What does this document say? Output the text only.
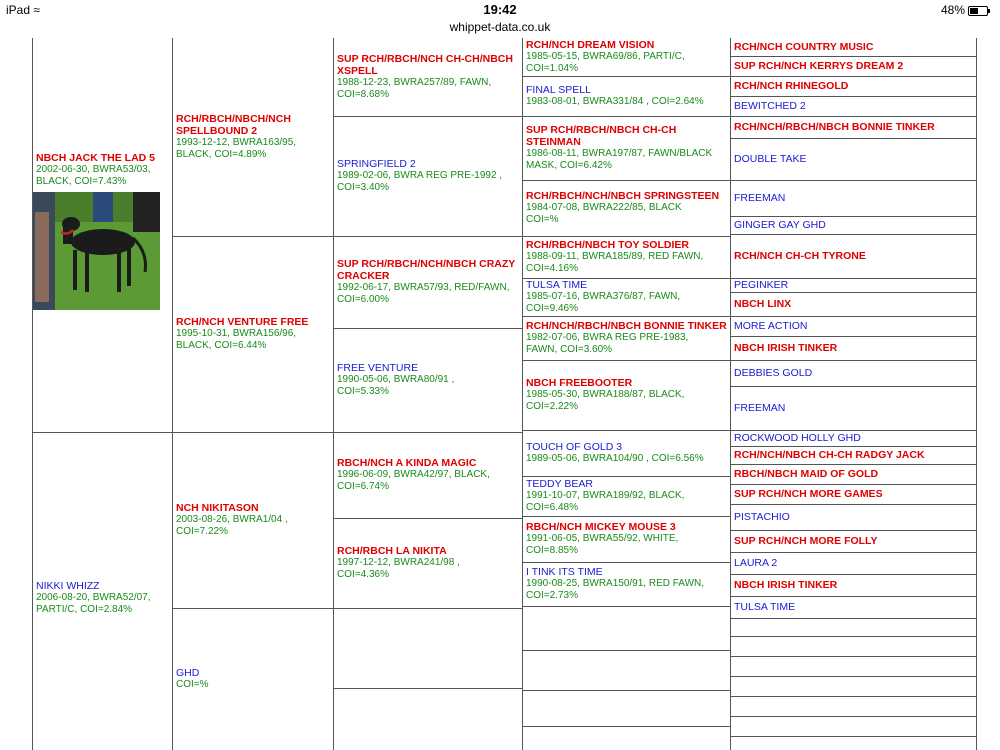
iPad ≈	19:42	48%
whippet-data.co.uk
RCH/NCH COUNTRY MUSIC
SUP RCH/NCH KERRYS DREAM 2
RCH/NCH RHINEGOLD
BEWITCHED 2
RCH/NCH/RBCH/NBCH BONNIE TINKER
DOUBLE TAKE
FREEMAN
GINGER GAY GHD
RCH/NCH CH-CH TYRONE
PEGINKER
NBCH LINX
MORE ACTION
NBCH IRISH TINKER
DEBBIES GOLD
FREEMAN
ROCKWOOD HOLLY GHD
RCH/NCH/NBCH CH-CH RADGY JACK
RBCH/NBCH MAID OF GOLD
SUP RCH/NCH MORE GAMES
PISTACHIO
SUP RCH/NCH MORE FOLLY
LAURA 2
NBCH IRISH TINKER
TULSA TIME
RCH/NCH DREAM VISION
1985-05-15, BWRA69/86, PARTI/C,
COI=1.04%
FINAL SPELL
1983-08-01, BWRA331/84 , COI=2.64%
SUP RCH/RBCH/NBCH CH-CH STEINMAN
1986-08-11, BWRA197/87, FAWN/BLACK
MASK, COI=6.42%
RCH/RBCH/NCH/NBCH SPRINGSTEEN
1984-07-08, BWRA222/85, BLACK
COI=%
RCH/RBCH/NBCH TOY SOLDIER
1988-09-11, BWRA185/89, RED FAWN,
COI=4.16%
TULSA TIME
1985-07-16, BWRA376/87, FAWN,
COI=9.46%
RCH/NCH/RBCH/NBCH BONNIE TINKER
1982-07-06, BWRA REG PRE-1983,
FAWN, COI=3.60%
NBCH FREEBOOTER
1985-05-30, BWRA188/87, BLACK,
COI=2.22%
TOUCH OF GOLD 3
1989-05-06, BWRA104/90 , COI=6.56%
TEDDY BEAR
1991-10-07, BWRA189/92, BLACK,
COI=6.48%
RBCH/NCH MICKEY MOUSE 3
1991-06-05, BWRA55/92, WHITE,
COI=8.85%
I TINK ITS TIME
1990-08-25, BWRA150/91, RED FAWN,
COI=2.73%
SUP RCH/RBCH/NCH CH-CH/NBCH XSPELL
1988-12-23, BWRA257/89, FAWN,
COI=8.68%
SPRINGFIELD 2
1989-02-06, BWRA REG PRE-1992 ,
COI=3.40%
SUP RCH/RBCH/NCH/NBCH CRAZY CRACKER
1992-06-17, BWRA57/93, RED/FAWN,
COI=6.00%
FREE VENTURE
1990-05-06, BWRA80/91 ,
COI=5.33%
RBCH/NCH A KINDA MAGIC
1996-06-09, BWRA42/97, BLACK,
COI=6.74%
RCH/RBCH LA NIKITA
1997-12-12, BWRA241/98 ,
COI=4.36%
RCH/RBCH/NBCH/NCH SPELLBOUND 2
1993-12-12, BWRA163/95,
BLACK, COI=4.89%
RCH/NCH VENTURE FREE
1995-10-31, BWRA156/96,
BLACK, COI=6.44%
NCH NIKITASON
2003-08-26, BWRA1/04 ,
COI=7.22%
GHD
COI=%
NBCH JACK THE LAD 5
2002-06-30, BWRA53/03,
BLACK, COI=7.43%
NIKKI WHIZZ
2006-08-20, BWRA52/07,
PARTI/C, COI=2.84%
